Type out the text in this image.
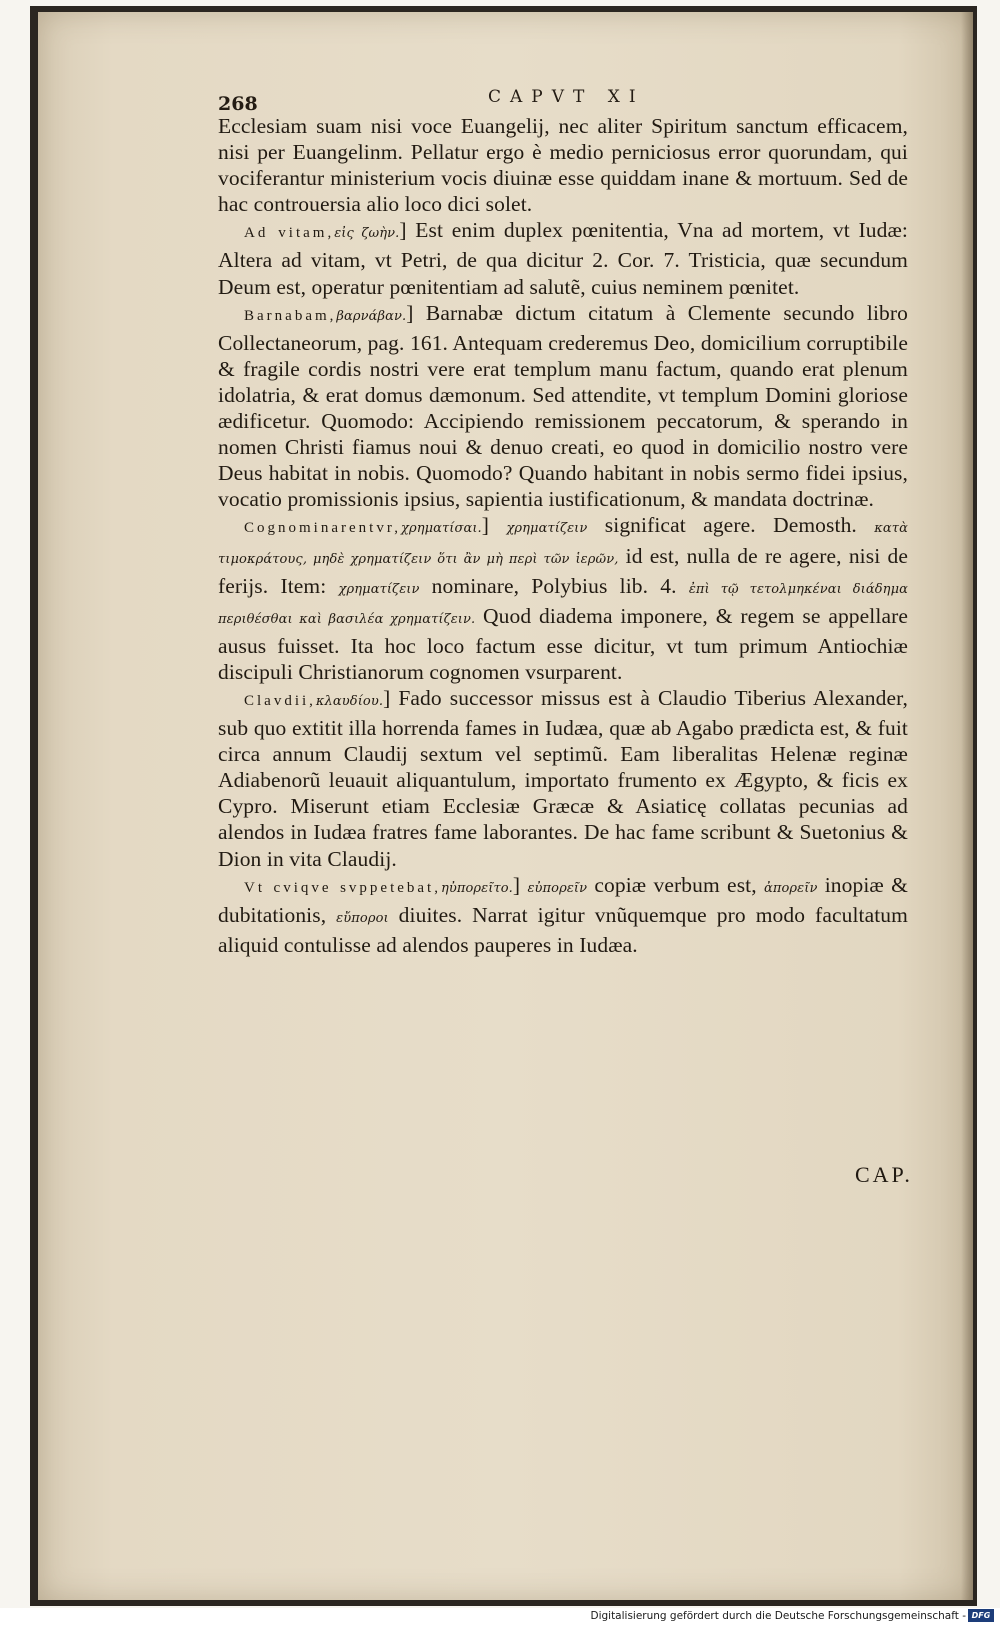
268	CAPVT XI

Ecclesiam suam nisi voce Euangelij, nec aliter Spiritum sanctum efficacem, nisi per Euangelinm. Pellatur ergo è medio perniciosus error quorundam, qui vociferantur ministerium vocis diuinæ esse quiddam inane & mortuum. Sed de hac controuersia alio loco dici solet.

Ad vitam,εἰς ζωὴν.] Est enim duplex pœnitentia, Vna ad mortem, vt Iudæ: Altera ad vitam, vt Petri, de qua dicitur 2. Cor. 7. Tristicia, quæ secundum Deum est, operatur pœnitentiam ad salutẽ, cuius neminem pœnitet.

Barnabam,βαρνάβαν.] Barnabæ dictum citatum à Clemente secundo libro Collectaneorum, pag. 161. Antequam crederemus Deo, domicilium corruptibile & fragile cordis nostri vere erat templum manu factum, quando erat plenum idolatria, & erat domus dæmonum. Sed attendite, vt templum Domini gloriose ædificetur. Quomodo: Accipiendo remissionem peccatorum, & sperando in nomen Christi fiamus noui & denuo creati, eo quod in domicilio nostro vere Deus habitat in nobis. Quomodo? Quando habitant in nobis sermo fidei ipsius, vocatio promissionis ipsius, sapientia iustificationum, & mandata doctrinæ.

Cognominarentvr,χρηματίσαι.] χρηματίζειν significat agere. Demosth. κατὰ τιμοκράτους, μηδὲ χρηματίζειν ὅτι ἂν μὴ περὶ τῶν ἱερῶν, id est, nulla de re agere, nisi de ferijs. Item: χρηματίζειν nominare, Polybius lib. 4. ἐπὶ τῷ τετολμηκέναι διάδημα περιθέσθαι καὶ βασιλέα χρηματίζειν. Quod diadema imponere, & regem se appellare ausus fuisset. Ita hoc loco factum esse dicitur, vt tum primum Antiochiæ discipuli Christianorum cognomen vsurparent.

Clavdii,κλαυδίου.] Fado successor missus est à Claudio Tiberius Alexander, sub quo extitit illa horrenda fames in Iudæa, quæ ab Agabo prædicta est, & fuit circa annum Claudij sextum vel septimũ. Eam liberalitas Helenæ reginæ Adiabenorũ leuauit aliquantulum, importato frumento ex Ægypto, & ficis ex Cypro. Miserunt etiam Ecclesiæ Græcæ & Asiaticę collatas pecunias ad alendos in Iudæa fratres fame laborantes. De hac fame scribunt & Suetonius & Dion in vita Claudij.

Vt cviqve svppetebat,ηὐπορεῖτο.] εὐπορεῖν copiæ verbum est, ἀπορεῖν inopiæ & dubitationis, εὔποροι diuites. Narrat igitur vnũquemque pro modo facultatum aliquid contulisse ad alendos pauperes in Iudæa.

CAP.
Digitalisierung gefördert durch die Deutsche Forschungsgemeinschaft - DFG
